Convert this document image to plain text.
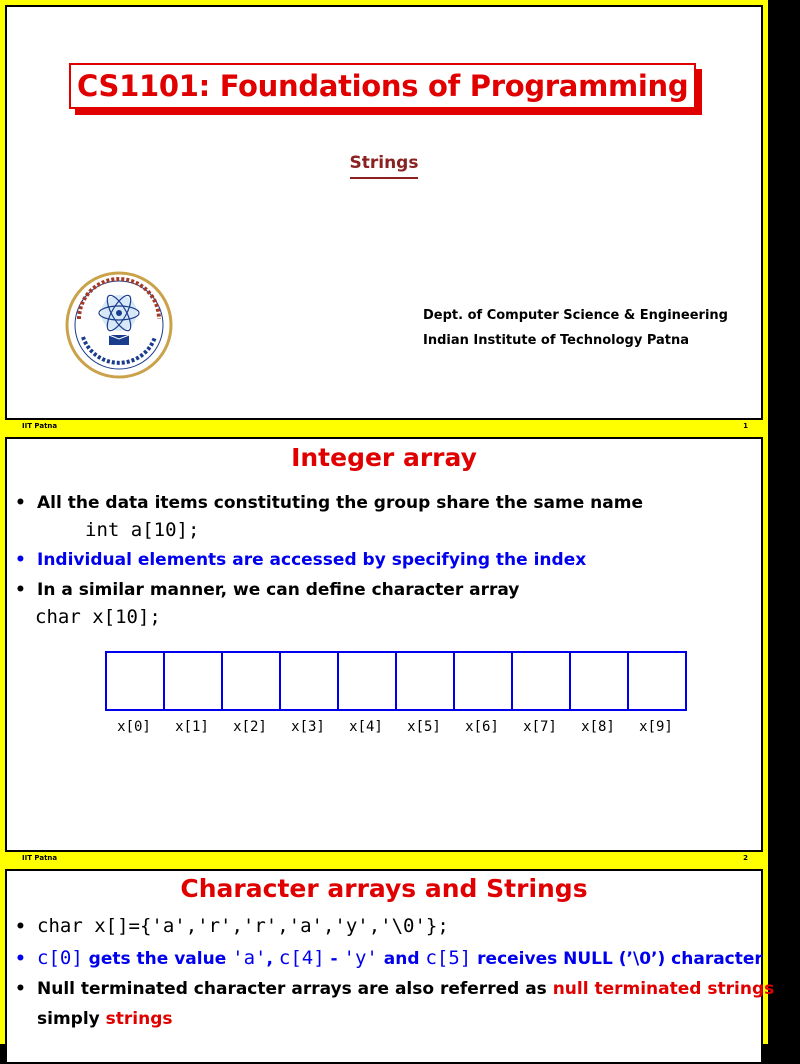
CS1101: Foundations of Programming
Strings
Dept. of Computer Science & Engineering
Indian Institute of Technology Patna
IIT Patna	1
Integer array
• All the data items constituting the group share the same name
int a[10];
• Individual elements are accessed by specifying the index
• In a similar manner, we can define character array
char x[10];
x[0]	x[1]	x[2]	x[3]	x[4]	x[5]	x[6]	x[7]	x[8]	x[9]
IIT Patna	2
Character arrays and Strings
• char x[]={'a','r','r','a','y','\0'};
• c[0] gets the value 'a', c[4] - 'y' and c[5] receives NULL (’\0’) character
• Null terminated character arrays are also referred as null terminated strings or
simply strings
